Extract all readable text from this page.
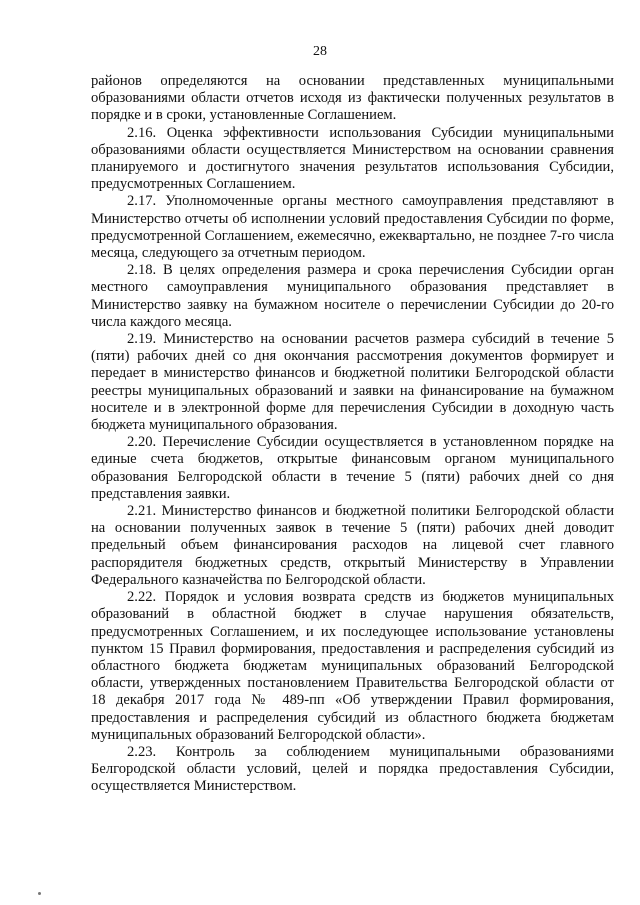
28

районов определяются на основании представленных муниципальными образованиями области отчетов исходя из фактически полученных результатов в порядке и в сроки, установленные Соглашением.

2.16. Оценка эффективности использования Субсидии муниципальными образованиями области осуществляется Министерством на основании сравнения планируемого и достигнутого значения результатов использования Субсидии, предусмотренных Соглашением.

2.17. Уполномоченные органы местного самоуправления представляют в Министерство отчеты об исполнении условий предоставления Субсидии по форме, предусмотренной Соглашением, ежемесячно, ежеквартально, не позднее 7-го числа месяца, следующего за отчетным периодом.

2.18. В целях определения размера и срока перечисления Субсидии орган местного самоуправления муниципального образования представляет в Министерство заявку на бумажном носителе о перечислении Субсидии до 20-го числа каждого месяца.

2.19. Министерство на основании расчетов размера субсидий в течение 5 (пяти) рабочих дней со дня окончания рассмотрения документов формирует и передает в министерство финансов и бюджетной политики Белгородской области реестры муниципальных образований и заявки на финансирование на бумажном носителе и в электронной форме для перечисления Субсидии в доходную часть бюджета муниципального образования.

2.20. Перечисление Субсидии осуществляется в установленном порядке на единые счета бюджетов, открытые финансовым органом муниципального образования Белгородской области в течение 5 (пяти) рабочих дней со дня представления заявки.

2.21. Министерство финансов и бюджетной политики Белгородской области на основании полученных заявок в течение 5 (пяти) рабочих дней доводит предельный объем финансирования расходов на лицевой счет главного распорядителя бюджетных средств, открытый Министерству в Управлении Федерального казначейства по Белгородской области.

2.22. Порядок и условия возврата средств из бюджетов муниципальных образований в областной бюджет в случае нарушения обязательств, предусмотренных Соглашением, и их последующее использование установлены пунктом 15 Правил формирования, предоставления и распределения субсидий из областного бюджета бюджетам муниципальных образований Белгородской области, утвержденных постановлением Правительства Белгородской области от 18 декабря 2017 года № 489-пп «Об утверждении Правил формирования, предоставления и распределения субсидий из областного бюджета бюджетам муниципальных образований Белгородской области».

2.23. Контроль за соблюдением муниципальными образованиями Белгородской области условий, целей и порядка предоставления Субсидии, осуществляется Министерством.
